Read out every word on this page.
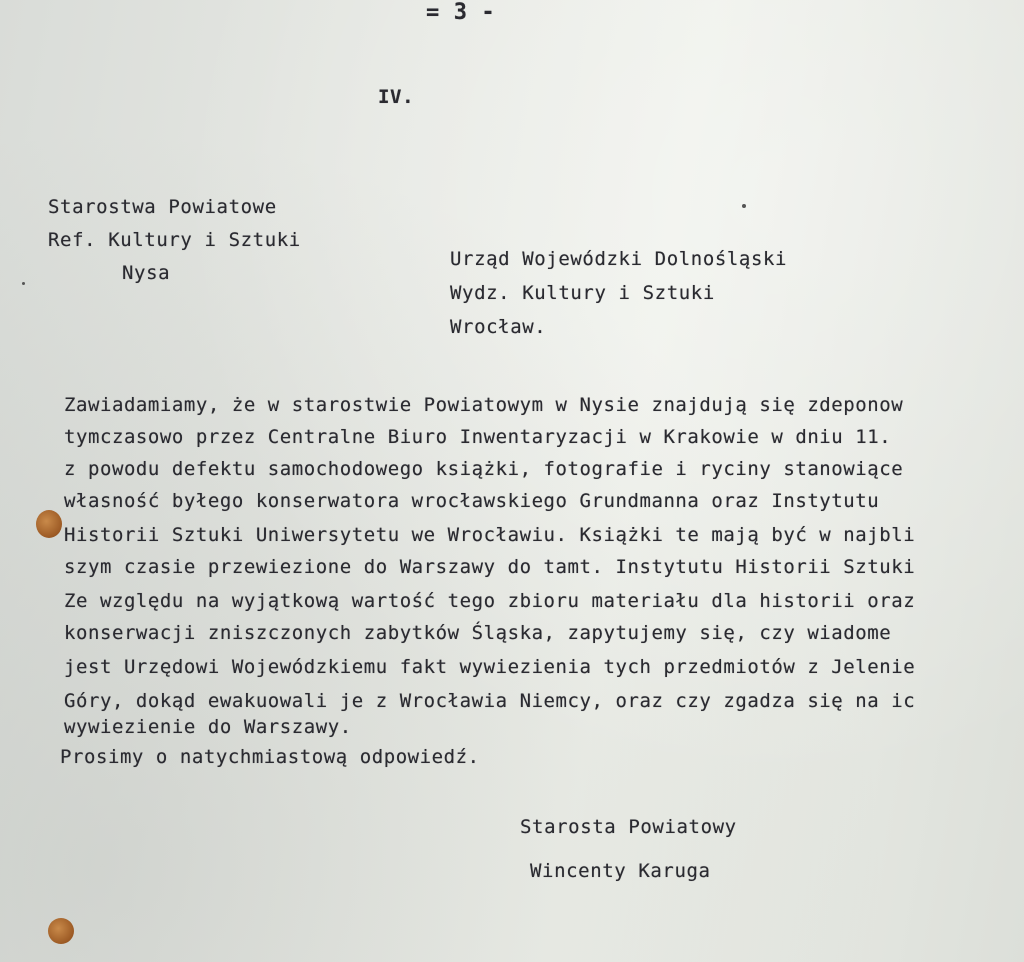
= 3 -
IV.
Starostwa Powiatowe
Ref. Kultury i Sztuki
Nysa
Urząd Wojewódzki Dolnośląski
Wydz. Kultury i Sztuki
Wrocław.
Zawiadamiamy, że w starostwie Powiatowym w Nysie znajdują się zdeponow
tymczasowo przez Centralne Biuro Inwentaryzacji w Krakowie w dniu 11.
z powodu defektu samochodowego książki, fotografie i ryciny stanowiące
własność byłego konserwatora wrocławskiego Grundmanna oraz Instytutu
Historii Sztuki Uniwersytetu we Wrocławiu. Książki te mają być w najbli
szym czasie przewiezione do Warszawy do tamt. Instytutu Historii Sztuki
Ze względu na wyjątkową wartość tego zbioru materiału dla historii oraz
konserwacji zniszczonych zabytków Śląska, zapytujemy się, czy wiadome
jest Urzędowi Wojewódzkiemu fakt wywiezienia tych przedmiotów z Jelenie
Góry, dokąd ewakuowali je z Wrocławia Niemcy, oraz czy zgadza się na ic
wywiezienie do Warszawy.
Prosimy o natychmiastową odpowiedź.
Starosta Powiatowy
Wincenty Karuga
